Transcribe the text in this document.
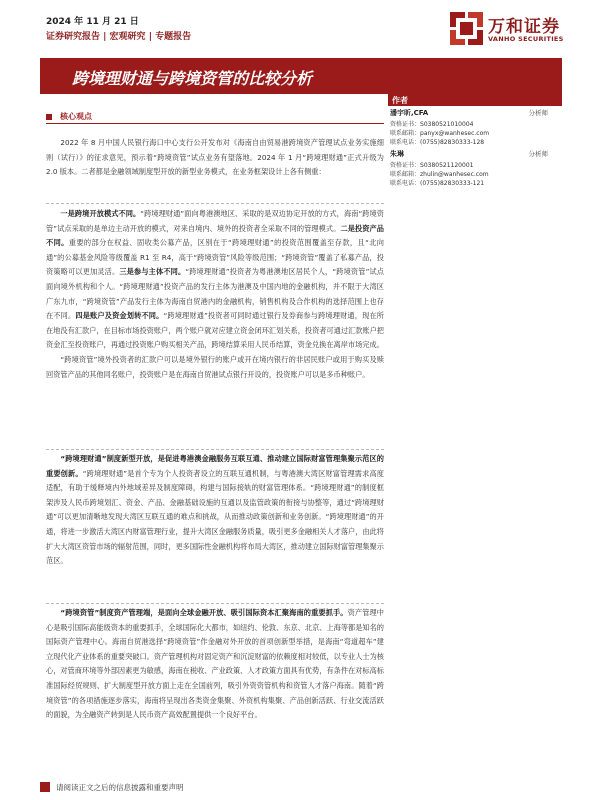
2024 年 11 月 21 日
证券研究报告 | 宏观研究 | 专题报告	万和证券
VANHO SECURITIES
跨境理财通与跨境资管的比较分析
核心观点

2022 年 8 月中国人民银行海口中心支行公开发布对《海南自由贸易港跨境资产管理试点业务实施细则（试行）》的征求意见，预示着“跨境资管”试点业务有望落地。2024 年 1 月“跨境理财通”正式升级为 2.0 版本。二者都是金融领域制度型开放的新型业务模式，在业务框架设计上各有侧重：

一是跨境开放模式不同。“跨境理财通”面向粤港澳地区、采取的是双边协定开放的方式，海南“跨境资管”试点采取的是单边主动开放的模式，对来自境内、境外的投资者全采取不同的管理模式。二是投资产品不同。重要的部分在权益、固收类公募产品，区别在于“跨境理财通”的投资范围覆盖至存款，且“北向通”的公募基金风险等级覆盖 R1 至 R4，高于“跨境资管”风险等级范围；“跨境资管”覆盖了私募产品，投资策略可以更加灵活。三是参与主体不同。“跨境理财通”投资者为粤港澳地区居民个人，“跨境资管”试点面向境外机构和个人。“跨境理财通”投资产品的发行主体为港澳及中国内地的金融机构，并不限于大湾区广东九市，“跨境资管”产品发行主体为海南自贸港内的金融机构，销售机构及合作机构的选择范围上也存在不同。四是账户及资金划转不同。“跨境理财通”投资者可同时通过银行及券商参与跨境理财通，现在所在地没有汇款户，在目标市场投资账户，两个账户就对应建立资金闭环汇划关系，投资者可通过汇款账户把资金汇至投资账户，再通过投资账户购买相关产品，跨境结算采用人民币结算，资金兑换在离岸市场完成。

“跨境资管”境外投资者的汇款户可以是境外银行的账户或开在境内银行的非居民账户或用于购买及赎回资管产品的其他同名账户，投资账户是在海南自贸港试点银行开设的，投资账户可以是多币种账户。

“跨境理财通”制度新型开放，是促进粤港澳金融服务互联互通、推动建立国际财富管理集聚示范区的重要创新。“跨境理财通”是首个专为个人投资者设立的互联互通机制，与粤港澳大湾区财富管理需求高度适配，有助于缓释境内外地域差异及制度障碍，构建与国际接轨的财富管理体系。“跨境理财通”的制度框架涉及人民币跨境划汇、资金、产品、金融基础设施的互通以及监管政策的衔接与协整等，通过“跨境理财通”可以更加清晰地发现大湾区互联互通的难点和挑战，从而推动政策创新和业务创新。“跨境理财通”的开通，将进一步激活大湾区内财富管理行业，提升大湾区金融服务质量，吸引更多金融相关人才落户，由此将扩大大湾区资管市场的辐射范围，同时，更多国际性金融机构将布局大湾区，推动建立国际财富管理集聚示范区。

“跨境资管”制度资产管理端，是面向全球金融开放、吸引国际资本汇聚海南的重要抓手。资产管理中心是吸引国际高能级资本的重要抓手，全球国际化大都市，如纽约、伦敦、东京、北京、上海等都是知名的国际资产管理中心。海南自贸港选择“跨境资管”作金融对外开放的首项创新型举措，是海南“弯道超车”建立现代化产业体系的重要突破口。资产管理机构对固定资产和沉淀财富的依赖度相对较低，以专业人士为核心，对管商环境等外部因素更为敏感，海南在税收、产业政策、人才政策方面具有优势，有条件在对标高标准国际经贸规则、扩大制度型开放方面上走在全国前列，吸引外资资管机构和资管人才落户海南。随着“跨境资管”的各项措施逐步落实，海南将呈现出各类资金集聚、外资机构集聚、产品创新活跃、行业交流活跃的面貌，为全融资产转到是人民币资产高效配置提供一个良好平台。

作者
潘宇昕,CFA	分析师
资格证书：S0380521010004
联系邮箱：panyx@wanhesec.com
联系电话：(0755)82830333-128
朱琳	分析师
资格证书：S0380521120001
联系邮箱：zhulin@wanhesec.com
联系电话：(0755)82830333-121
请阅读正文之后的信息披露和重要声明
